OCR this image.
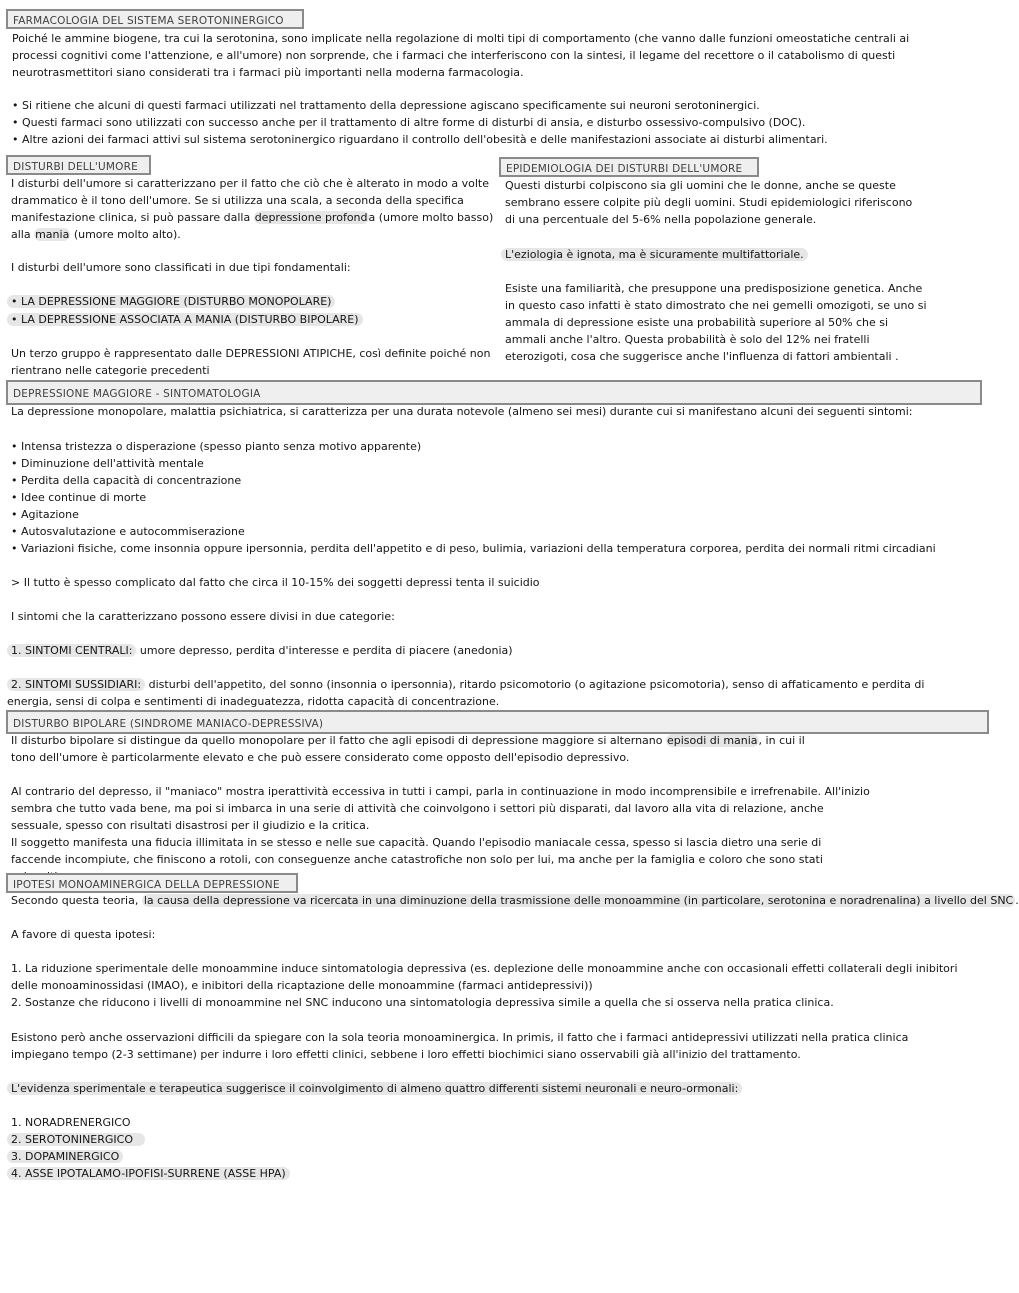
FARMACOLOGIA DEL SISTEMA SEROTONINERGICO

Poiché le ammine biogene, tra cui la serotonina, sono implicate nella regolazione di molti tipi di comportamento (che vanno dalle funzioni omeostatiche centrali ai processi cognitivi come l'attenzione, e all'umore) non sorprende, che i farmaci che interferiscono con la sintesi, il legame del recettore o il catabolismo di questi neurotrasmettitori siano considerati tra i farmaci più importanti nella moderna farmacologia.

• Si ritiene che alcuni di questi farmaci utilizzati nel trattamento della depressione agiscano specificamente sui neuroni serotoninergici.

• Questi farmaci sono utilizzati con successo anche per il trattamento di altre forme di disturbi di ansia, e disturbo ossessivo-compulsivo (DOC).

• Altre azioni dei farmaci attivi sul sistema serotoninergico riguardano il controllo dell'obesità e delle manifestazioni associate ai disturbi alimentari.

DISTURBI DELL'UMORE

I disturbi dell'umore si caratterizzano per il fatto che ciò che è alterato in modo a volte drammatico è il tono dell'umore. Se si utilizza una scala, a seconda della specifica manifestazione clinica, si può passare dalla depressione profonda (umore molto basso) alla mania (umore molto alto).

I disturbi dell'umore sono classificati in due tipi fondamentali:

• LA DEPRESSIONE MAGGIORE (DISTURBO MONOPOLARE)

• LA DEPRESSIONE ASSOCIATA A MANIA (DISTURBO BIPOLARE)

Un terzo gruppo è rappresentato dalle DEPRESSIONI ATIPICHE, così definite poiché non rientrano nelle categorie precedenti

EPIDEMIOLOGIA DEI DISTURBI DELL'UMORE

Questi disturbi colpiscono sia gli uomini che le donne, anche se queste sembrano essere colpite più degli uomini. Studi epidemiologici riferiscono di una percentuale del 5-6% nella popolazione generale.

L'eziologia è ignota, ma è sicuramente multifattoriale.

Esiste una familiarità, che presuppone una predisposizione genetica. Anche in questo caso infatti è stato dimostrato che nei gemelli omozigoti, se uno si ammala di depressione esiste una probabilità superiore al 50% che si ammali anche l'altro. Questa probabilità è solo del 12% nei fratelli eterozigoti, cosa che suggerisce anche l'influenza di fattori ambientali .

DEPRESSIONE MAGGIORE - SINTOMATOLOGIA

La depressione monopolare, malattia psichiatrica, si caratterizza per una durata notevole (almeno sei mesi) durante cui si manifestano alcuni dei seguenti sintomi:

• Intensa tristezza o disperazione (spesso pianto senza motivo apparente)

• Diminuzione dell'attività mentale

• Perdita della capacità di concentrazione

• Idee continue di morte

• Agitazione

• Autosvalutazione e autocommiserazione

• Variazioni fisiche, come insonnia oppure ipersonnia, perdita dell'appetito e di peso, bulimia, variazioni della temperatura corporea, perdita dei normali ritmi circadiani

> Il tutto è spesso complicato dal fatto che circa il 10-15% dei soggetti depressi tenta il suicidio

I sintomi che la caratterizzano possono essere divisi in due categorie:

1. SINTOMI CENTRALI: umore depresso, perdita d'interesse e perdita di piacere (anedonia)

2. SINTOMI SUSSIDIARI: disturbi dell'appetito, del sonno (insonnia o ipersonnia), ritardo psicomotorio (o agitazione psicomotoria), senso di affaticamento e perdita di energia, sensi di colpa e sentimenti di inadeguatezza, ridotta capacità di concentrazione.

DISTURBO BIPOLARE (SINDROME MANIACO-DEPRESSIVA)

Il disturbo bipolare si distingue da quello monopolare per il fatto che agli episodi di depressione maggiore si alternano episodi di mania, in cui il tono dell'umore è particolarmente elevato e che può essere considerato come opposto dell'episodio depressivo.

Al contrario del depresso, il "maniaco" mostra iperattività eccessiva in tutti i campi, parla in continuazione in modo incomprensibile e irrefrenabile. All'inizio sembra che tutto vada bene, ma poi si imbarca in una serie di attività che coinvolgono i settori più disparati, dal lavoro alla vita di relazione, anche sessuale, spesso con risultati disastrosi per il giudizio e la critica.

Il soggetto manifesta una fiducia illimitata in se stesso e nelle sue capacità. Quando l'episodio maniacale cessa, spesso si lascia dietro una serie di faccende incompiute, che finiscono a rotoli, con conseguenze anche catastrofiche non solo per lui, ma anche per la famiglia e coloro che sono stati

IPOTESI MONOAMINERGICA DELLA DEPRESSIONE

Secondo questa teoria, la causa della depressione va ricercata in una diminuzione della trasmissione delle monoammine (in particolare, serotonina e noradrenalina) a livello del SNC .

A favore di questa ipotesi:

1. La riduzione sperimentale delle monoammine induce sintomatologia depressiva (es. deplezione delle monoammine anche con occasionali effetti collaterali degli inibitori delle monoaminossidasi (IMAO), e inibitori della ricaptazione delle monoammine (farmaci antidepressivi))

2. Sostanze che riducono i livelli di monoammine nel SNC inducono una sintomatologia depressiva simile a quella che si osserva nella pratica clinica.

Esistono però anche osservazioni difficili da spiegare con la sola teoria monoaminergica. In primis, il fatto che i farmaci antidepressivi utilizzati nella pratica clinica impiegano tempo (2-3 settimane) per indurre i loro effetti clinici, sebbene i loro effetti biochimici siano osservabili già all'inizio del trattamento.

L'evidenza sperimentale e terapeutica suggerisce il coinvolgimento di almeno quattro differenti sistemi neuronali e neuro-ormonali:

1. NORADRENERGICO

2. SEROTONINERGICO

3. DOPAMINERGICO

4. ASSE IPOTALAMO-IPOFISI-SURRENE (ASSE HPA)
